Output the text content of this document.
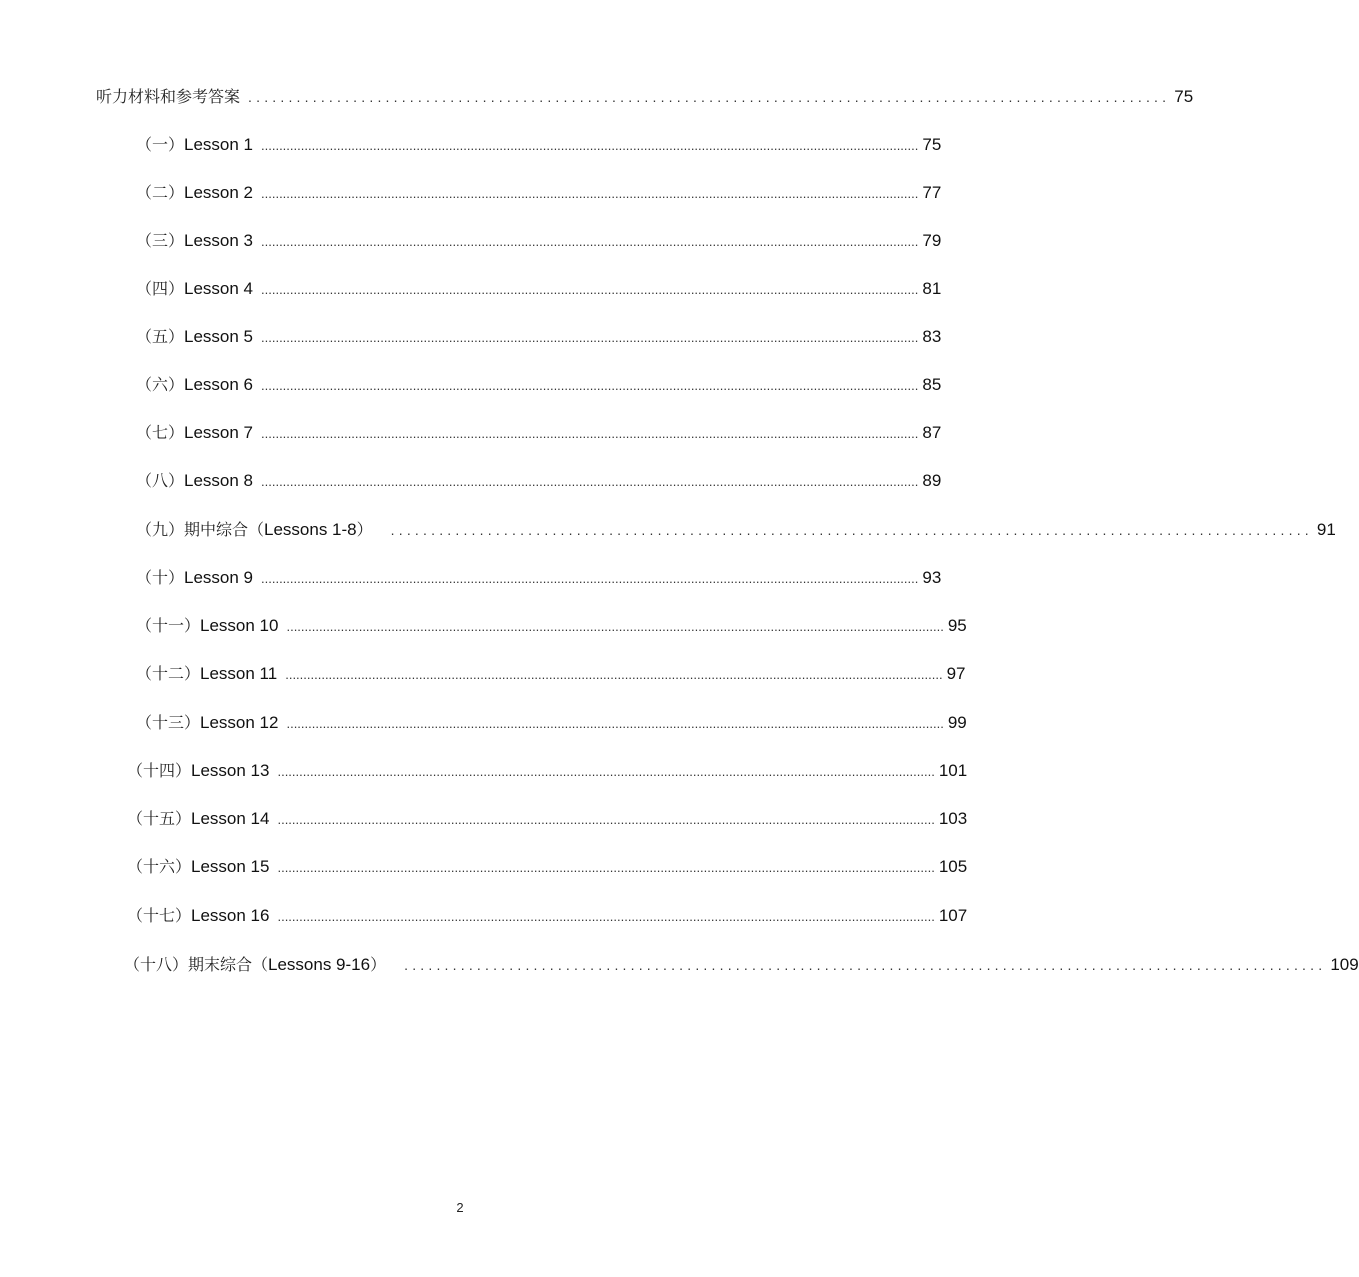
听力材料和参考答案 .................................................................................................................. 75
（一） Lesson 1 ...................................................................................................................................................................................... 75
（二） Lesson 2 ...................................................................................................................................................................................... 77
（三） Lesson 3 ...................................................................................................................................................................................... 79
（四） Lesson 4 ...................................................................................................................................................................................... 81
（五） Lesson 5 ...................................................................................................................................................................................... 83
（六） Lesson 6 ...................................................................................................................................................................................... 85
（七） Lesson 7 ...................................................................................................................................................................................... 87
（八） Lesson 8 ...................................................................................................................................................................................... 89
（九）期中综合（ Lessons 1-8 ） .................................................................................................................. 91
（十） Lesson 9 ...................................................................................................................................................................................... 93
（十一） Lesson 10 ...................................................................................................................................................................................... 95
（十二） Lesson 11 ...................................................................................................................................................................................... 97
（十三） Lesson 12 ...................................................................................................................................................................................... 99
（十四） Lesson 13 ...................................................................................................................................................................................... 101
（十五） Lesson 14 ...................................................................................................................................................................................... 103
（十六） Lesson 15 ...................................................................................................................................................................................... 105
（十七） Lesson 16 ...................................................................................................................................................................................... 107
（十八）期末综合（ Lessons 9-16 ） .................................................................................................................. 109
2
